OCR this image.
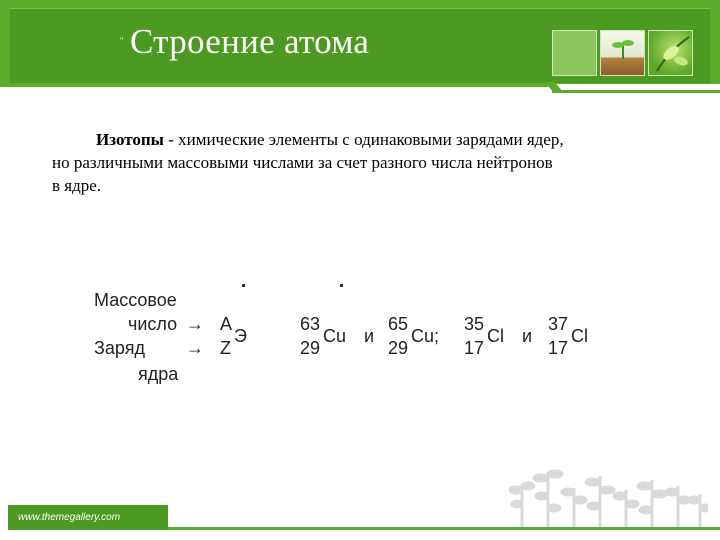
" Строение атома
Изотопы - химические элементы с одинаковыми зарядами ядер,
но различными массовыми числами за счет разного числа нейтронов
в ядре.
Массовое
число →
Заряд →
ядра
A
Z
Э
63
29
Cu и
65
29
Cu;
35
17
Cl и
37
17
Cl
www.themegallery.com
